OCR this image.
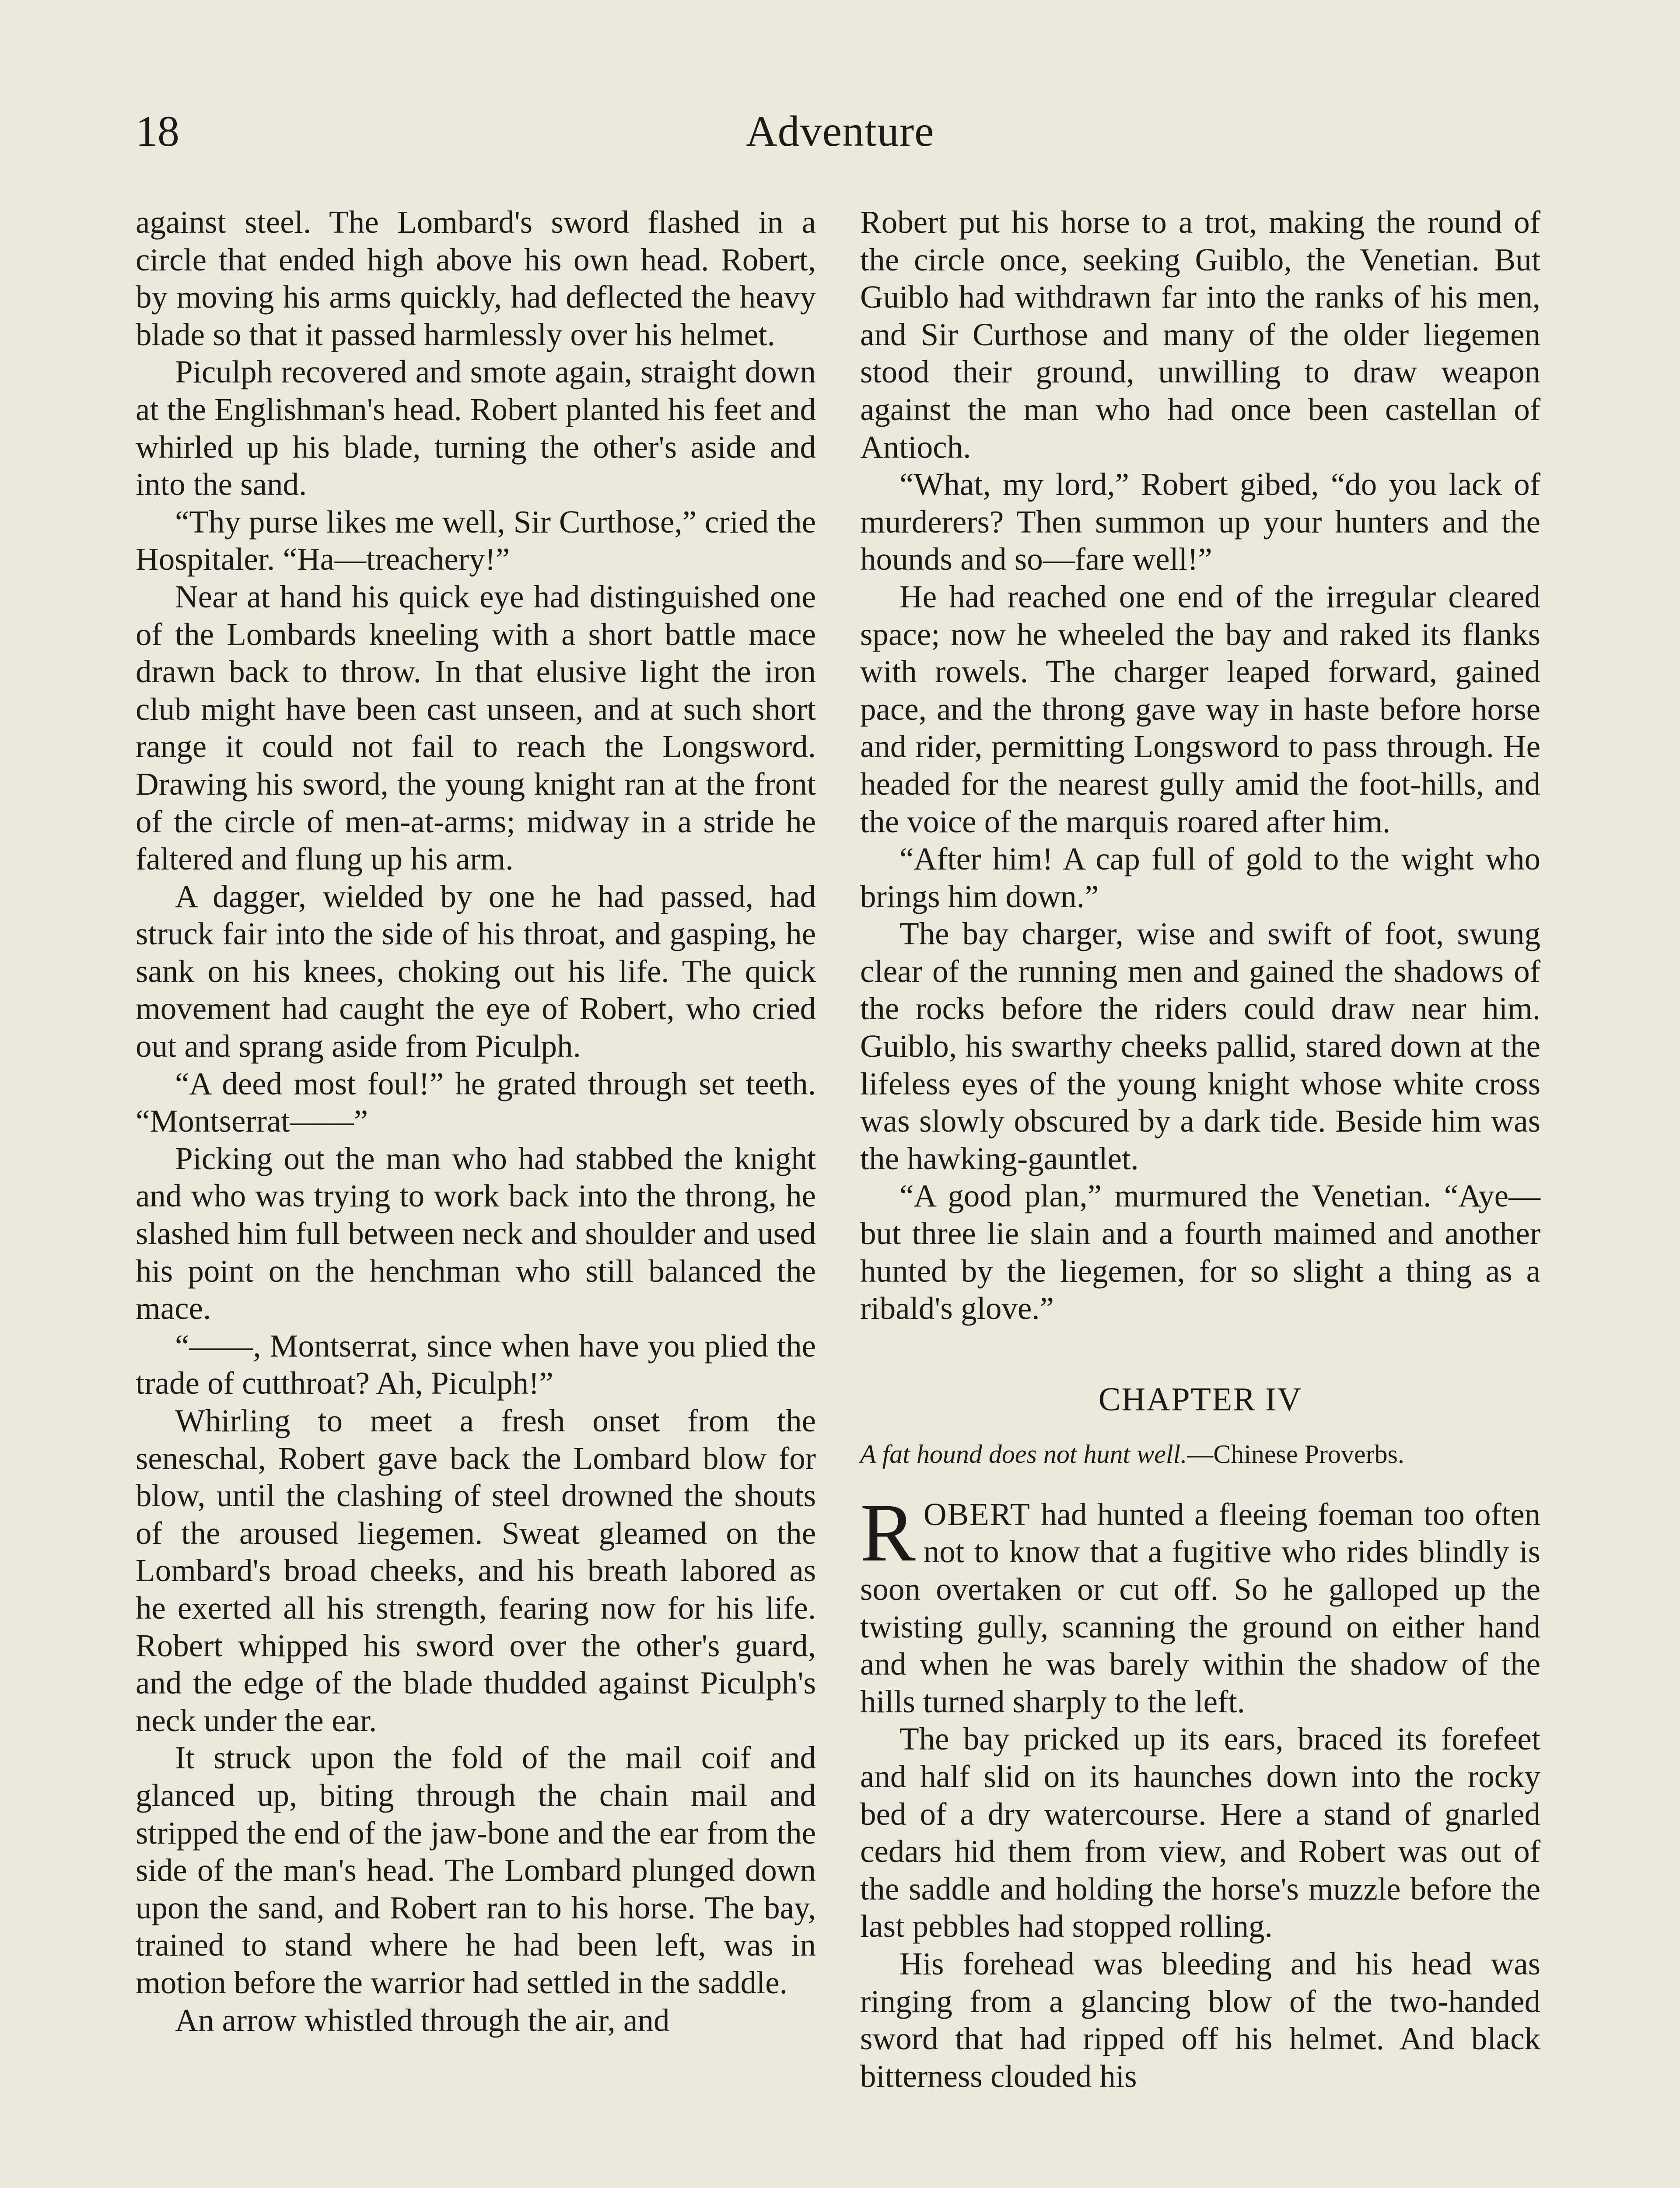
18	Adventure

against steel. The Lombard's sword flashed in a circle that ended high above his own head. Robert, by moving his arms quickly, had deflected the heavy blade so that it passed harmlessly over his helmet.

Piculph recovered and smote again, straight down at the Englishman's head. Robert planted his feet and whirled up his blade, turning the other's aside and into the sand.

“Thy purse likes me well, Sir Curthose,” cried the Hospitaler. “Ha—treachery!”

Near at hand his quick eye had distinguished one of the Lombards kneeling with a short battle mace drawn back to throw. In that elusive light the iron club might have been cast unseen, and at such short range it could not fail to reach the Longsword. Drawing his sword, the young knight ran at the front of the circle of men-at-arms; midway in a stride he faltered and flung up his arm.

A dagger, wielded by one he had passed, had struck fair into the side of his throat, and gasping, he sank on his knees, choking out his life. The quick movement had caught the eye of Robert, who cried out and sprang aside from Piculph.

“A deed most foul!” he grated through set teeth. “Montserrat——”

Picking out the man who had stabbed the knight and who was trying to work back into the throng, he slashed him full between neck and shoulder and used his point on the henchman who still balanced the mace.

“——, Montserrat, since when have you plied the trade of cutthroat? Ah, Piculph!”

Whirling to meet a fresh onset from the seneschal, Robert gave back the Lombard blow for blow, until the clashing of steel drowned the shouts of the aroused liegemen. Sweat gleamed on the Lombard's broad cheeks, and his breath labored as he exerted all his strength, fearing now for his life. Robert whipped his sword over the other's guard, and the edge of the blade thudded against Piculph's neck under the ear.

It struck upon the fold of the mail coif and glanced up, biting through the chain mail and stripped the end of the jaw-bone and the ear from the side of the man's head. The Lombard plunged down upon the sand, and Robert ran to his horse. The bay, trained to stand where he had been left, was in motion before the warrior had settled in the saddle.

An arrow whistled through the air, and

Robert put his horse to a trot, making the round of the circle once, seeking Guiblo, the Venetian. But Guiblo had withdrawn far into the ranks of his men, and Sir Curthose and many of the older liegemen stood their ground, unwilling to draw weapon against the man who had once been castellan of Antioch.

“What, my lord,” Robert gibed, “do you lack of murderers? Then summon up your hunters and the hounds and so—fare well!”

He had reached one end of the irregular cleared space; now he wheeled the bay and raked its flanks with rowels. The charger leaped forward, gained pace, and the throng gave way in haste before horse and rider, permitting Longsword to pass through. He headed for the nearest gully amid the foot-hills, and the voice of the marquis roared after him.

“After him! A cap full of gold to the wight who brings him down.”

The bay charger, wise and swift of foot, swung clear of the running men and gained the shadows of the rocks before the riders could draw near him. Guiblo, his swarthy cheeks pallid, stared down at the lifeless eyes of the young knight whose white cross was slowly obscured by a dark tide. Beside him was the hawking-gauntlet.

“A good plan,” murmured the Venetian. “Aye—but three lie slain and a fourth maimed and another hunted by the liegemen, for so slight a thing as a ribald's glove.”

CHAPTER IV
A fat hound does not hunt well.—Chinese Proverbs.

ROBERT had hunted a fleeing foeman too often not to know that a fugitive who rides blindly is soon overtaken or cut off. So he galloped up the twisting gully, scanning the ground on either hand and when he was barely within the shadow of the hills turned sharply to the left.

The bay pricked up its ears, braced its forefeet and half slid on its haunches down into the rocky bed of a dry watercourse. Here a stand of gnarled cedars hid them from view, and Robert was out of the saddle and holding the horse's muzzle before the last pebbles had stopped rolling.

His forehead was bleeding and his head was ringing from a glancing blow of the two-handed sword that had ripped off his helmet. And black bitterness clouded his
